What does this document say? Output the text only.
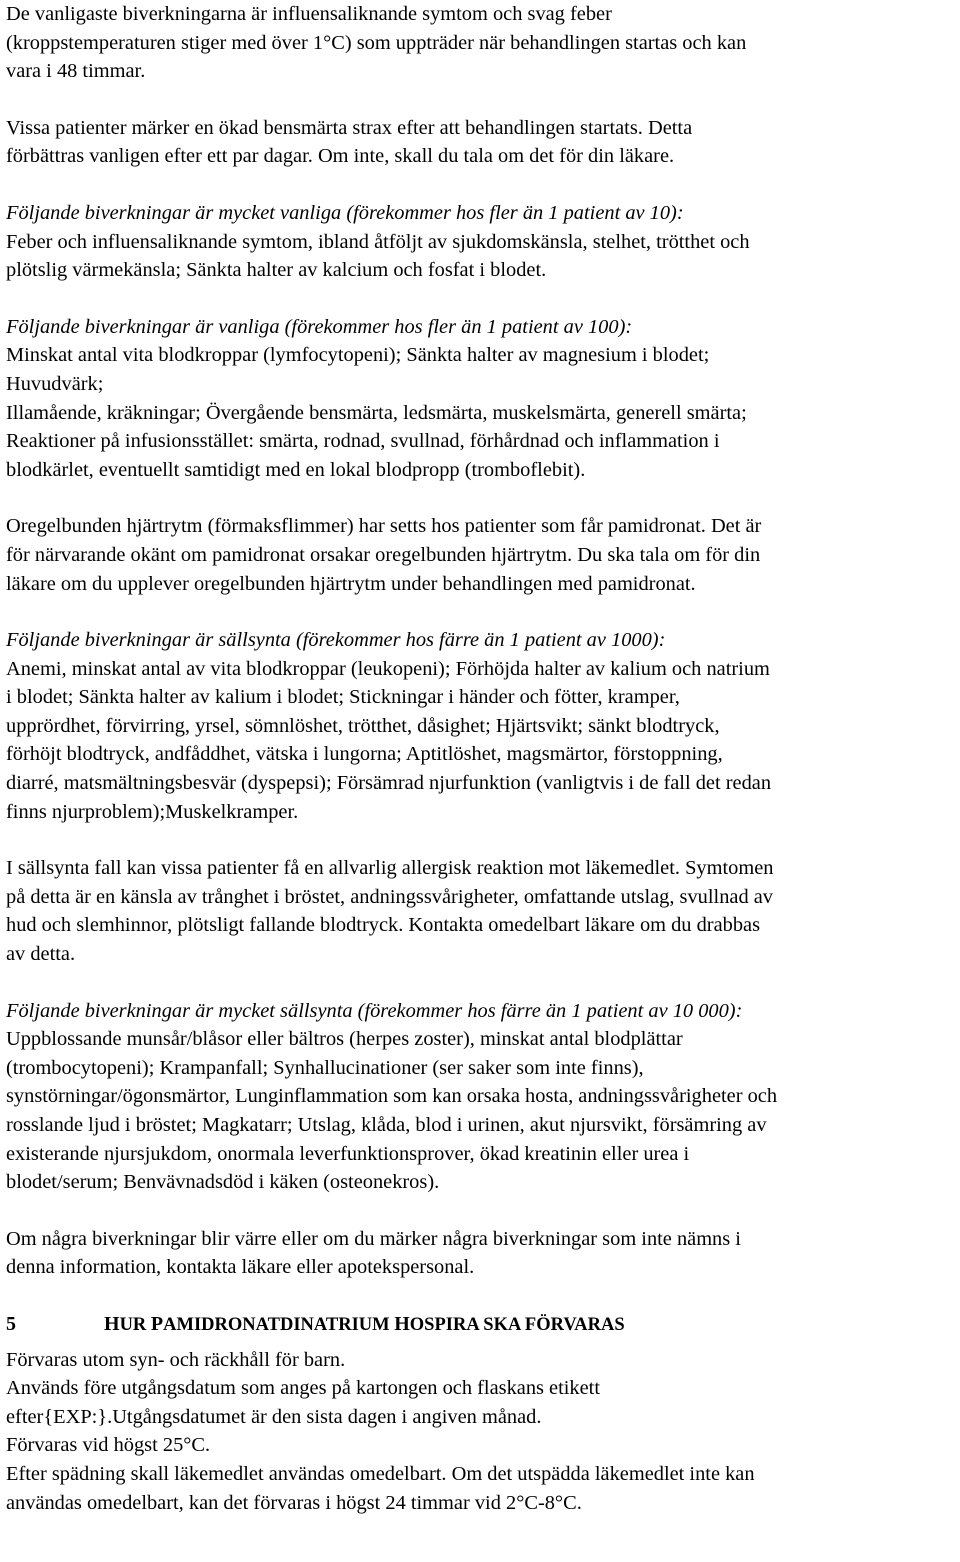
De vanligaste biverkningarna är influensaliknande symtom och svag feber
(kroppstemperaturen stiger med över 1°C) som uppträder när behandlingen startas och kan
vara i 48 timmar.
Vissa patienter märker en ökad bensmärta strax efter att behandlingen startats. Detta
förbättras vanligen efter ett par dagar. Om inte, skall du tala om det för din läkare.
Följande biverkningar är mycket vanliga (förekommer hos fler än 1 patient av 10):
Feber och influensaliknande symtom, ibland åtföljt av sjukdomskänsla, stelhet, trötthet och
plötslig värmekänsla; Sänkta halter av kalcium och fosfat i blodet.
Följande biverkningar är vanliga (förekommer hos fler än 1 patient av 100):
Minskat antal vita blodkroppar (lymfocytopeni); Sänkta halter av magnesium i blodet;
Huvudvärk;
Illamående, kräkningar; Övergående bensmärta, ledsmärta, muskelsmärta, generell smärta;
Reaktioner på infusionsstället: smärta, rodnad, svullnad, förhårdnad och inflammation i
blodkärlet, eventuellt samtidigt med en lokal blodpropp (tromboflebit).
Oregelbunden hjärtrytm (förmaksflimmer) har setts hos patienter som får pamidronat. Det är
för närvarande okänt om pamidronat orsakar oregelbunden hjärtrytm. Du ska tala om för din
läkare om du upplever oregelbunden hjärtrytm under behandlingen med pamidronat.
Följande biverkningar är sällsynta (förekommer hos färre än 1 patient av 1000):
Anemi, minskat antal av vita blodkroppar (leukopeni); Förhöjda halter av kalium och natrium
i blodet; Sänkta halter av kalium i blodet; Stickningar i händer och fötter, kramper,
upprördhet, förvirring, yrsel, sömnlöshet, trötthet, dåsighet; Hjärtsvikt; sänkt blodtryck,
förhöjt blodtryck, andfåddhet, vätska i lungorna; Aptitlöshet, magsmärtor, förstoppning,
diarré, matsmältningsbesvär (dyspepsi); Försämrad njurfunktion (vanligtvis i de fall det redan
finns njurproblem);Muskelkramper.
I sällsynta fall kan vissa patienter få en allvarlig allergisk reaktion mot läkemedlet. Symtomen
på detta är en känsla av trånghet i bröstet, andningssvårigheter, omfattande utslag, svullnad av
hud och slemhinnor, plötsligt fallande blodtryck. Kontakta omedelbart läkare om du drabbas
av detta.
Följande biverkningar är mycket sällsynta (förekommer hos färre än 1 patient av 10 000):
Uppblossande munsår/blåsor eller bältros (herpes zoster), minskat antal blodplättar
(trombocytopeni); Krampanfall; Synhallucinationer (ser saker som inte finns),
synstörningar/ögonsmärtor, Lunginflammation som kan orsaka hosta, andningssvårigheter och
rosslande ljud i bröstet; Magkatarr; Utslag, klåda, blod i urinen, akut njursvikt, försämring av
existerande njursjukdom, onormala leverfunktionsprover, ökad kreatinin eller urea i
blodet/serum; Benvävnadsdöd i käken (osteonekros).
Om några biverkningar blir värre eller om du märker några biverkningar som inte nämns i
denna information, kontakta läkare eller apotekspersonal.
5	HUR PAMIDRONATDINATRIUM HOSPIRA SKA FÖRVARAS
Förvaras utom syn- och räckhåll för barn.
Används före utgångsdatum som anges på kartongen och flaskans etikett
efter{EXP:}.Utgångsdatumet är den sista dagen i angiven månad.
Förvaras vid högst 25°C.
Efter spädning skall läkemedlet användas omedelbart. Om det utspädda läkemedlet inte kan
användas omedelbart, kan det förvaras i högst 24 timmar vid 2°C-8°C.
